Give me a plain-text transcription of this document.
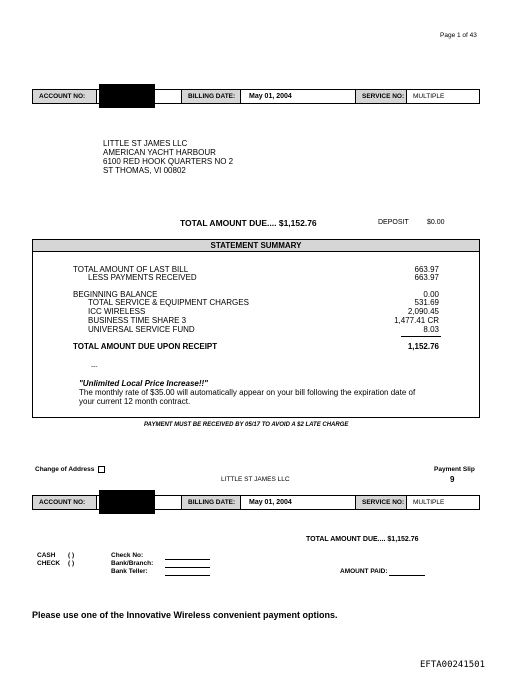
Page 1 of 43
ACCOUNT NO:	BILLING DATE:	May 01, 2004	SERVICE NO:	MULTIPLE
LITTLE ST JAMES LLC
AMERICAN YACHT HARBOUR
6100 RED HOOK QUARTERS NO 2
ST THOMAS, VI 00802
TOTAL AMOUNT DUE.... $1,152.76	DEPOSIT	$0.00
STATEMENT SUMMARY
TOTAL AMOUNT OF LAST BILL	663.97
LESS PAYMENTS RECEIVED	663.97
BEGINNING BALANCE	0.00
TOTAL SERVICE & EQUIPMENT CHARGES	531.69
ICC WIRELESS	2,090.45
BUSINESS TIME SHARE 3	1,477.41 CR
UNIVERSAL SERVICE FUND	8.03
TOTAL AMOUNT DUE UPON RECEIPT	1,152.76
---
"Unlimited Local Price Increase!!"
The monthly rate of $35.00 will automatically appear on your bill following the expiration date of
your current 12 month contract.
PAYMENT MUST BE RECEIVED BY 05/17 TO AVOID A $2 LATE CHARGE
Change of Address	Payment Slip
9
LITTLE ST JAMES LLC
ACCOUNT NO:	BILLING DATE:	May 01, 2004	SERVICE NO:	MULTIPLE
TOTAL AMOUNT DUE.... $1,152.76
CASH ( )
CHECK ( )
Check No:
Bank/Branch:
Bank Teller:	AMOUNT PAID:
Please use one of the Innovative Wireless convenient payment options.
EFTA00241501
